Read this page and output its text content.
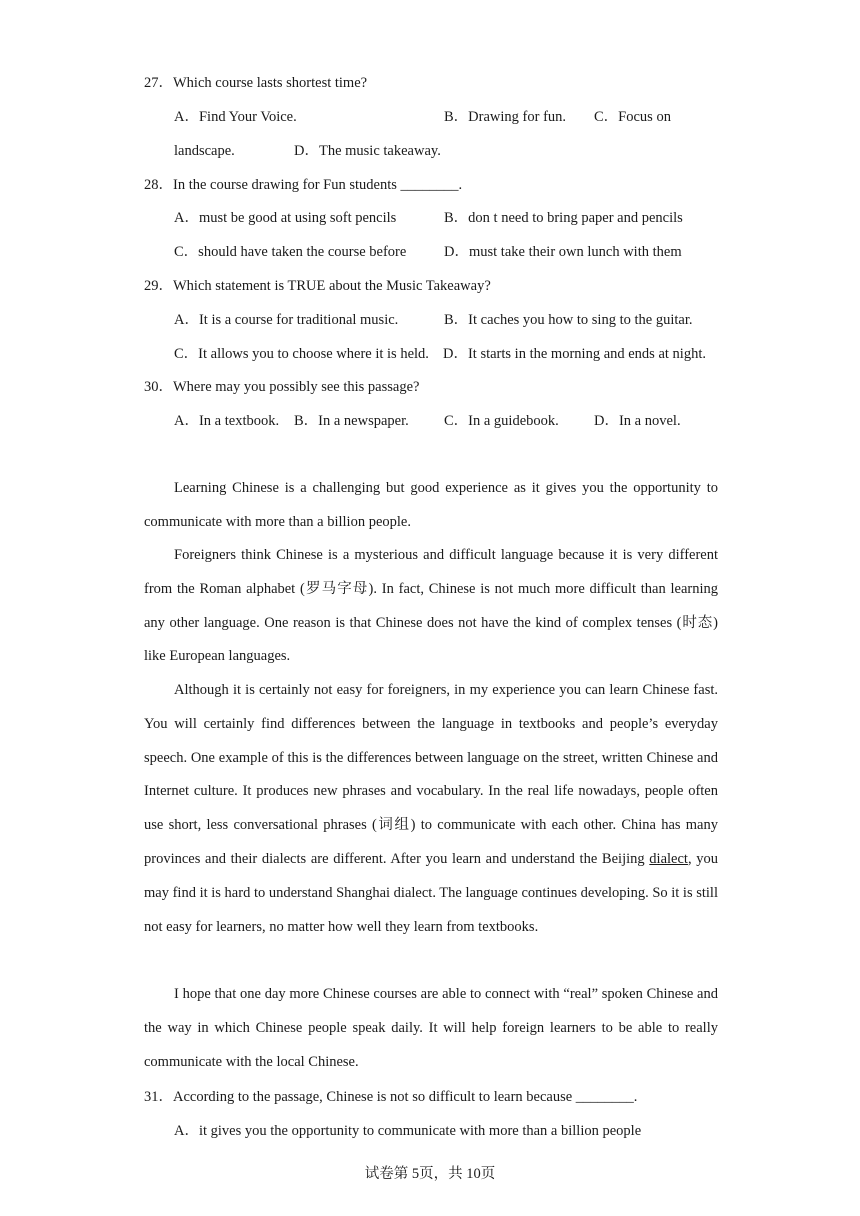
27．Which course lasts shortest time?
A．Find Your Voice.	B．Drawing for fun. C．Focus on
landscape.	D．The music takeaway.
28．In the course drawing for Fun students ________.
A．must be good at using soft pencils	B．don t need to bring paper and pencils
C．should have taken the course before	D．must take their own lunch with them
29．Which statement is TRUE about the Music Takeaway?
A．It is a course for traditional music.	B．It caches you how to sing to the guitar.
C．It allows you to choose where it is held. D．It starts in the morning and ends at night.
30．Where may you possibly see this passage?
A．In a textbook. B．In a newspaper. C．In a guidebook. D．In a novel.
Learning Chinese is a challenging but good experience as it gives you the opportunity to communicate with more than a billion people.
Foreigners think Chinese is a mysterious and difficult language because it is very different from the Roman alphabet (罗马字母). In fact, Chinese is not much more difficult than learning any other language. One reason is that Chinese does not have the kind of complex tenses (时态) like European languages.
Although it is certainly not easy for foreigners, in my experience you can learn Chinese fast. You will certainly find differences between the language in textbooks and people’s everyday speech. One example of this is the differences between language on the street, written Chinese and Internet culture. It produces new phrases and vocabulary. In the real life nowadays, people often use short, less conversational phrases (词组) to communicate with each other. China has many provinces and their dialects are different. After you learn and understand the Beijing dialect, you may find it is hard to understand Shanghai dialect. The language continues developing. So it is still not easy for learners, no matter how well they learn from textbooks.
I hope that one day more Chinese courses are able to connect with “real” spoken Chinese and the way in which Chinese people speak daily. It will help foreign learners to be able to really communicate with the local Chinese.
31．According to the passage, Chinese is not so difficult to learn because ________.
A．it gives you the opportunity to communicate with more than a billion people
试卷第 5页，共 10页
